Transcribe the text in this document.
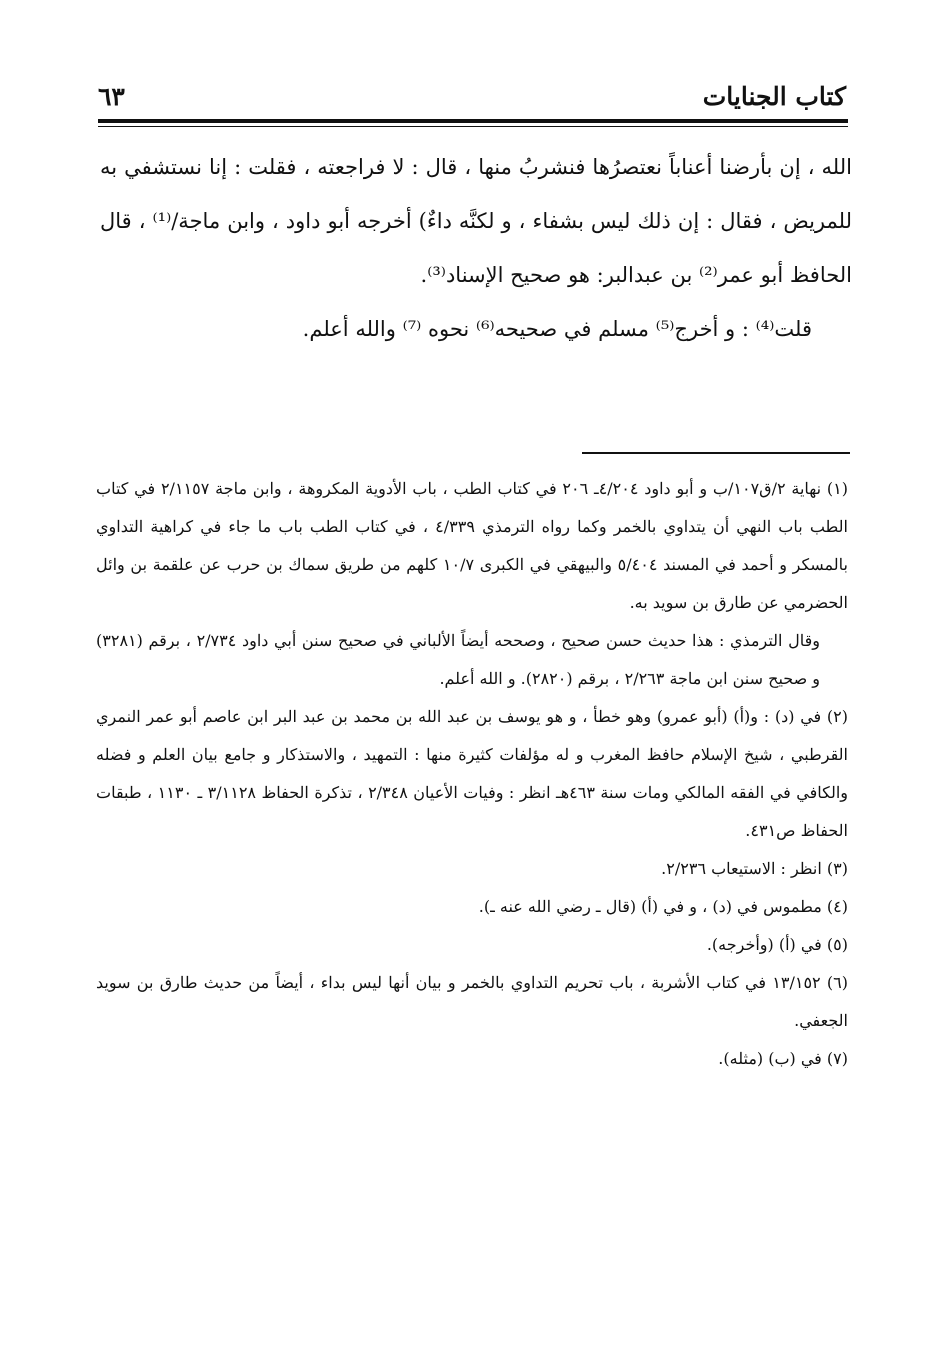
كتاب الجنايات
٦٣

الله ، إن بأرضنا أعناباً نعتصرُها فنشربُ منها ، قال : لا فراجعته ، فقلت : إنا نستشفي به للمريض ، فقال : إن ذلك ليس بشفاء ، و لكنَّه داءٌ) أخرجه أبو داود ، وابن ماجة/⁽¹⁾ ، قال الحافظ أبو عمر⁽²⁾ بن عبدالبر: هو صحيح الإسناد⁽³⁾.

قلت⁽⁴⁾ : و أخرج⁽⁵⁾ مسلم في صحيحه⁽⁶⁾ نحوه ⁽⁷⁾ والله أعلم.

(١) نهاية ٢/ق١٠٧/ب و أبو داود ٤/٢٠٤ـ ٢٠٦ في كتاب الطب ، باب الأدوية المكروهة ، وابن ماجة ٢/١١٥٧ في كتاب الطب باب النهي أن يتداوي بالخمر وكما رواه الترمذي ٤/٣٣٩ ، في كتاب الطب باب ما جاء في كراهية التداوي بالمسكر و أحمد في المسند ٥/٤٠٤ والبيهقي في الكبرى ١٠/٧ كلهم من طريق سماك بن حرب عن علقمة بن وائل الحضرمي عن طارق بن سويد به.

وقال الترمذي : هذا حديث حسن صحيح ، وصححه أيضاً الألباني في صحيح سنن أبي داود ٢/٧٣٤ ، برقم (٣٢٨١) و صحيح سنن ابن ماجة ٢/٢٦٣ ، برقم (٢٨٢٠). و الله أعلم.

(٢) في (د) : و(أ) (أبو عمرو) وهو خطأ ، و هو يوسف بن عبد الله بن محمد بن عبد البر ابن عاصم أبو عمر النمري القرطبي ، شيخ الإسلام حافظ المغرب و له مؤلفات كثيرة منها : التمهيد ، والاستذكار و جامع بيان العلم و فضله والكافي في الفقه المالكي ومات سنة ٤٦٣هـ انظر : وفيات الأعيان ٢/٣٤٨ ، تذكرة الحفاظ ٣/١١٢٨ ـ ١١٣٠ ، طبقات الحفاظ ص٤٣١.

(٣) انظر : الاستيعاب ٢/٢٣٦.

(٤) مطموس في (د) ، و في (أ) (قال ـ رضي الله عنه ـ).

(٥) في (أ) (وأخرجه).

(٦) ١٣/١٥٢ في كتاب الأشربة ، باب تحريم التداوي بالخمر و بيان أنها ليس بداء ، أيضاً من حديث طارق بن سويد الجعفي.

(٧) في (ب) (مثله).
